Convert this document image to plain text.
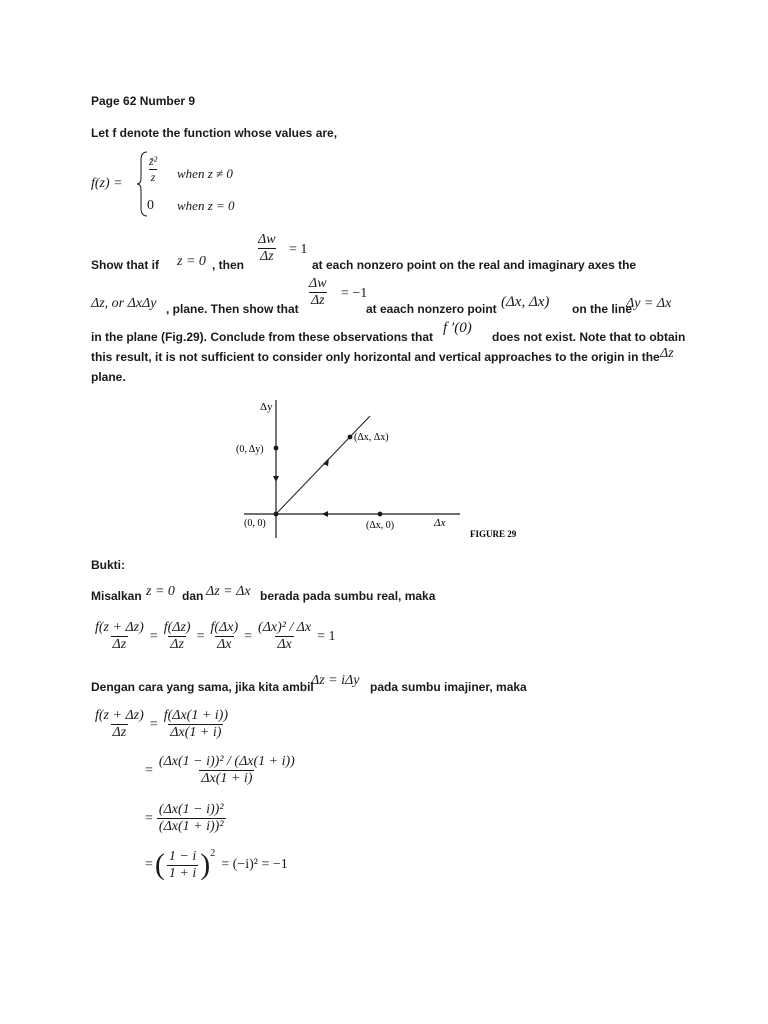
Page 62 Number 9
Let f denote the function whose values are,
$f(z) = \frac{\text{z̄²}}{z}$ when z ≠ 0
0 when z = 0
Show that if z = 0 , then $\frac{\Delta w}{\Delta z} = 1$
at each nonzero point on the real and imaginary axes the
Δz, or ΔxΔy , plane. Then show that $\frac{\Delta w}{\Delta z} = -1$
at eaach nonzero point (Δx, Δx) on the line
Δy = Δx
in the plane (Fig.29). Conclude from these observations that
f ′(0)
does not exist. Note that to obtain
this result, it is not sufficient to consider only horizontal and vertical approaches to the origin in the Δz
plane.
Δy
Δx
(0, Δy)
(Δx, Δx)
(0, 0)	(Δx, 0)
FIGURE 29
Bukti:
Misalkan z = 0 dan Δz = Δx berada pada sumbu real, maka
$\frac{f(z + \Delta z)}{\Delta z} = \frac{f(\Delta z)}{\Delta z} = \frac{f(\Delta x)}{\Delta x} = \frac{\text{(Δx)² / Δx}}{\Delta x} = 1$
Dengan cara yang sama, jika kita ambil
Δz = iΔy pada sumbu imajiner, maka
$\frac{f(z + \Delta z)}{\Delta z} = \frac{f(\Delta x(1 + i))}{\Delta x(1 + i)}$
= $\frac{\text{(Δx(1 − i))² / (Δx(1 + i))}}{\Delta x(1 + i)}$
= $\frac{\text{(Δx(1 − i))²}}{\text{(Δx(1 + i))²}}$
= ( $\frac{1 - i}{1 + i}$ ) 2
= (−i)² = −1
